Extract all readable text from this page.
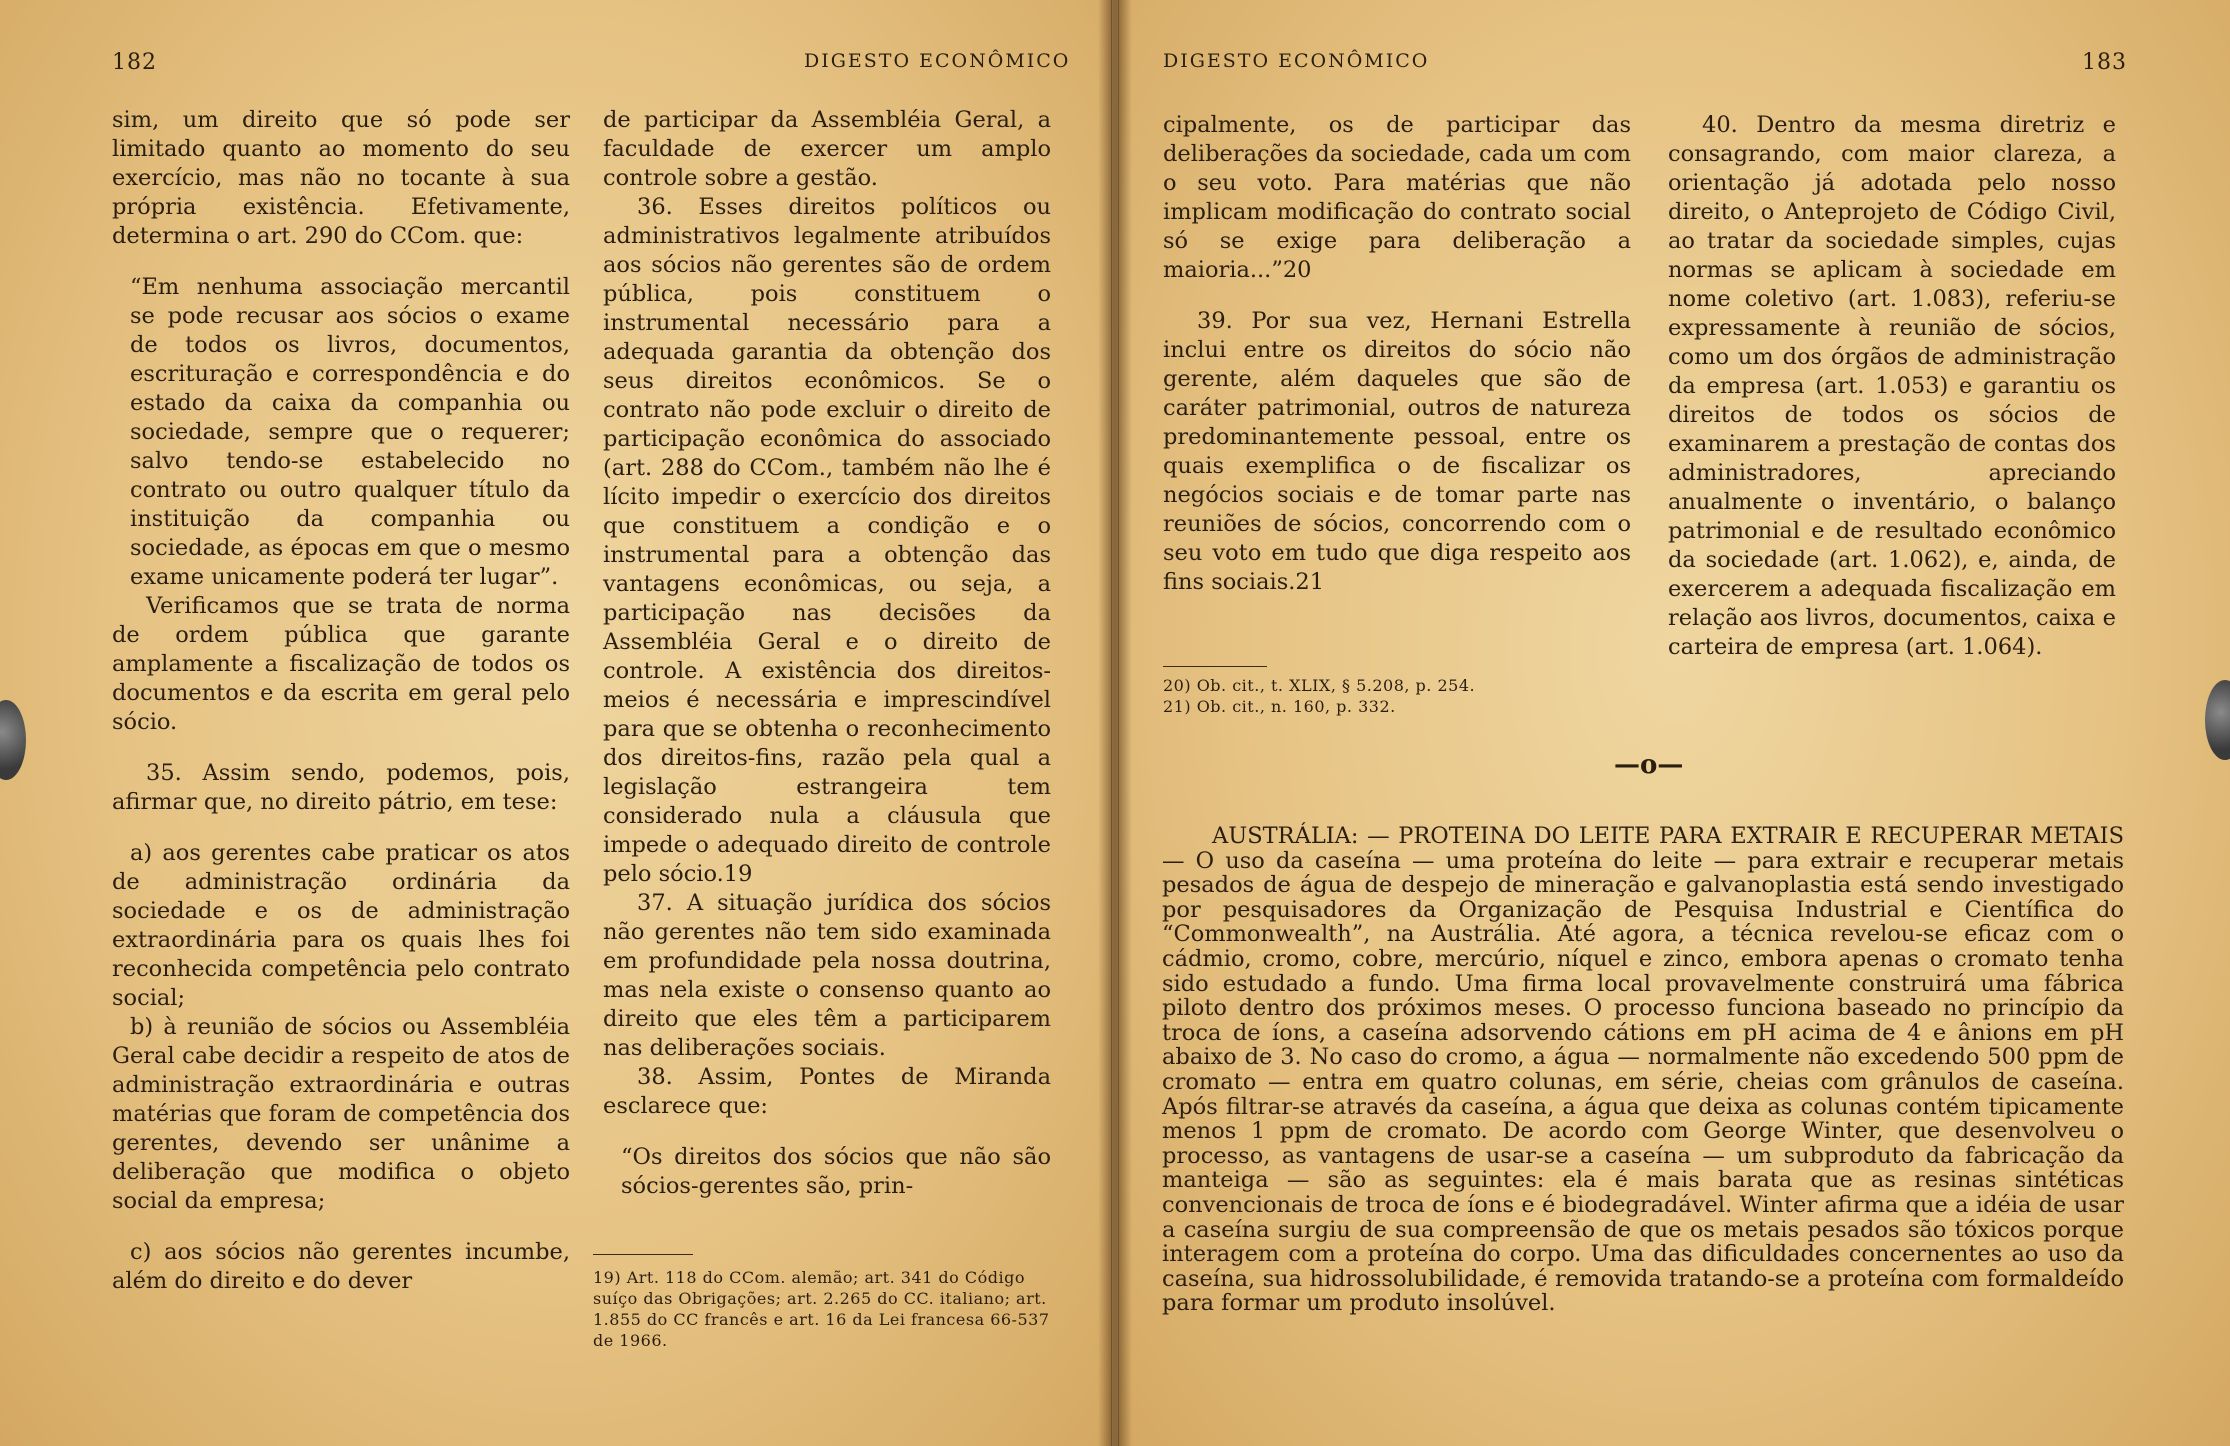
182	DIGESTO ECONÔMICO

sim, um direito que só pode ser limitado quanto ao momento do seu exercício, mas não no tocante à sua própria existência. Efetivamente, determina o art. 290 do CCom. que:

“Em nenhuma associação mercantil se pode recusar aos sócios o exame de todos os livros, documentos, escrituração e correspondência e do estado da caixa da companhia ou sociedade, sempre que o requerer; salvo tendo-se estabelecido no contrato ou outro qualquer título da instituição da companhia ou sociedade, as épocas em que o mesmo exame unicamente poderá ter lugar”.

Verificamos que se trata de norma de ordem pública que garante amplamente a fiscalização de todos os documentos e da escrita em geral pelo sócio.

35. Assim sendo, podemos, pois, afirmar que, no direito pátrio, em tese:

a) aos gerentes cabe praticar os atos de administração ordinária da sociedade e os de administração extraordinária para os quais lhes foi reconhecida competência pelo contrato social;

b) à reunião de sócios ou Assembléia Geral cabe decidir a respeito de atos de administração extraordinária e outras matérias que foram de competência dos gerentes, devendo ser unânime a deliberação que modifica o objeto social da empresa;

c) aos sócios não gerentes incumbe, além do direito e do dever

de participar da Assembléia Geral, a faculdade de exercer um amplo controle sobre a gestão.

36. Esses direitos políticos ou administrativos legalmente atribuídos aos sócios não gerentes são de ordem pública, pois constituem o instrumental necessário para a adequada garantia da obtenção dos seus direitos econômicos. Se o contrato não pode excluir o direito de participação econômica do associado (art. 288 do CCom., também não lhe é lícito impedir o exercício dos direitos que constituem a condição e o instrumental para a obtenção das vantagens econômicas, ou seja, a participação nas decisões da Assembléia Geral e o direito de controle. A existência dos direitos-meios é necessária e imprescindível para que se obtenha o reconhecimento dos direitos-fins, razão pela qual a legislação estrangeira tem considerado nula a cláusula que impede o adequado direito de controle pelo sócio.19

37. A situação jurídica dos sócios não gerentes não tem sido examinada em profundidade pela nossa doutrina, mas nela existe o consenso quanto ao direito que eles têm a participarem nas deliberações sociais.

38. Assim, Pontes de Miranda esclarece que:

“Os direitos dos sócios que não são sócios-gerentes são, prin-

19) Art. 118 do CCom. alemão; art. 341 do Código suíço das Obrigações; art. 2.265 do CC. italiano; art. 1.855 do CC francês e art. 16 da Lei francesa 66-537 de 1966.
DIGESTO ECONÔMICO	183

cipalmente, os de participar das deliberações da sociedade, cada um com o seu voto. Para matérias que não implicam modificação do contrato social só se exige para deliberação a maioria...”20

39. Por sua vez, Hernani Estrella inclui entre os direitos do sócio não gerente, além daqueles que são de caráter patrimonial, outros de natureza predominantemente pessoal, entre os quais exemplifica o de fiscalizar os negócios sociais e de tomar parte nas reuniões de sócios, concorrendo com o seu voto em tudo que diga respeito aos fins sociais.21

20) Ob. cit., t. XLIX, § 5.208, p. 254.

21) Ob. cit., n. 160, p. 332.

40. Dentro da mesma diretriz e consagrando, com maior clareza, a orientação já adotada pelo nosso direito, o Anteprojeto de Código Civil, ao tratar da sociedade simples, cujas normas se aplicam à sociedade em nome coletivo (art. 1.083), referiu-se expressamente à reunião de sócios, como um dos órgãos de administração da empresa (art. 1.053) e garantiu os direitos de todos os sócios de examinarem a prestação de contas dos administradores, apreciando anualmente o inventário, o balanço patrimonial e de resultado econômico da sociedade (art. 1.062), e, ainda, de exercerem a adequada fiscalização em relação aos livros, documentos, caixa e carteira de empresa (art. 1.064).

—o—

AUSTRÁLIA: — PROTEINA DO LEITE PARA EXTRAIR E RECUPERAR METAIS — O uso da caseína — uma proteína do leite — para extrair e recuperar metais pesados de água de despejo de mineração e galvanoplastia está sendo investigado por pesquisadores da Organização de Pesquisa Industrial e Científica do “Commonwealth”, na Austrália. Até agora, a técnica revelou-se eficaz com o cádmio, cromo, cobre, mercúrio, níquel e zinco, embora apenas o cromato tenha sido estudado a fundo. Uma firma local provavelmente construirá uma fábrica piloto dentro dos próximos meses. O processo funciona baseado no princípio da troca de íons, a caseína adsorvendo cátions em pH acima de 4 e ânions em pH abaixo de 3. No caso do cromo, a água — normalmente não excedendo 500 ppm de cromato — entra em quatro colunas, em série, cheias com grânulos de caseína. Após filtrar-se através da caseína, a água que deixa as colunas contém tipicamente menos 1 ppm de cromato. De acordo com George Winter, que desenvolveu o processo, as vantagens de usar-se a caseína — um subproduto da fabricação da manteiga — são as seguintes: ela é mais barata que as resinas sintéticas convencionais de troca de íons e é biodegradável. Winter afirma que a idéia de usar a caseína surgiu de sua compreensão de que os metais pesados são tóxicos porque interagem com a proteína do corpo. Uma das dificuldades concernentes ao uso da caseína, sua hidrossolubilidade, é removida tratando-se a proteína com formaldeído para formar um produto insolúvel.
